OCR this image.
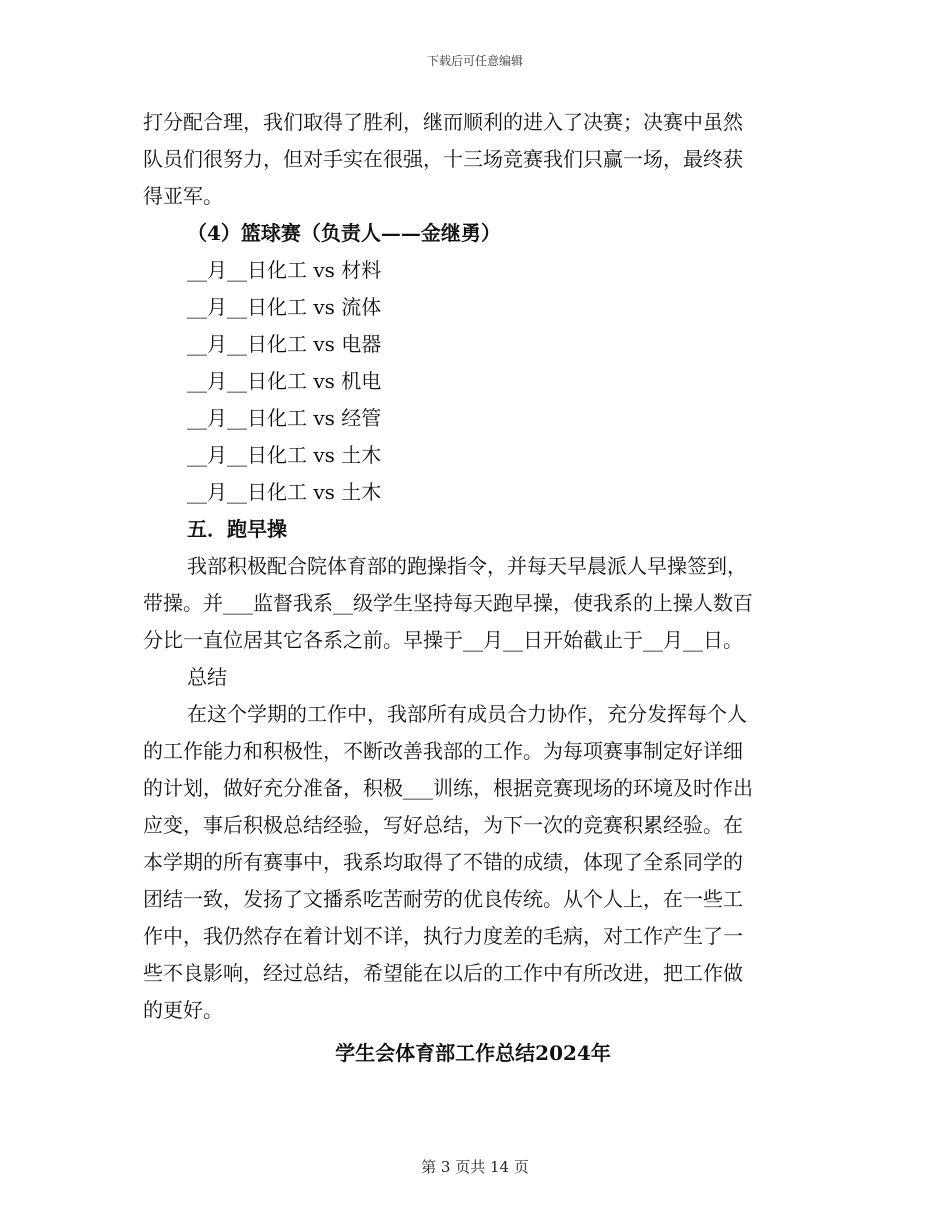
下载后可任意编辑

打分配合理，我们取得了胜利，继而顺利的进入了决赛；决赛中虽然

队员们很努力，但对手实在很强，十三场竞赛我们只赢一场，最终获

得亚军。

（4）篮球赛（负责人——金继勇）

__月__日化工 vs 材料

__月__日化工 vs 流体

__月__日化工 vs 电器

__月__日化工 vs 机电

__月__日化工 vs 经管

__月__日化工 vs 土木

__月__日化工 vs 土木

五．跑早操

我部积极配合院体育部的跑操指令，并每天早晨派人早操签到，

带操。并___监督我系__级学生坚持每天跑早操，使我系的上操人数百

分比一直位居其它各系之前。早操于__月__日开始截止于__月__日。

总结

在这个学期的工作中，我部所有成员合力协作，充分发挥每个人

的工作能力和积极性，不断改善我部的工作。为每项赛事制定好详细

的计划，做好充分准备，积极___训练，根据竞赛现场的环境及时作出

应变，事后积极总结经验，写好总结，为下一次的竞赛积累经验。在

本学期的所有赛事中，我系均取得了不错的成绩，体现了全系同学的

团结一致，发扬了文播系吃苦耐劳的优良传统。从个人上，在一些工

作中，我仍然存在着计划不详，执行力度差的毛病，对工作产生了一

些不良影响，经过总结，希望能在以后的工作中有所改进，把工作做

的更好。

学生会体育部工作总结2024年

第 3 页共 14 页
